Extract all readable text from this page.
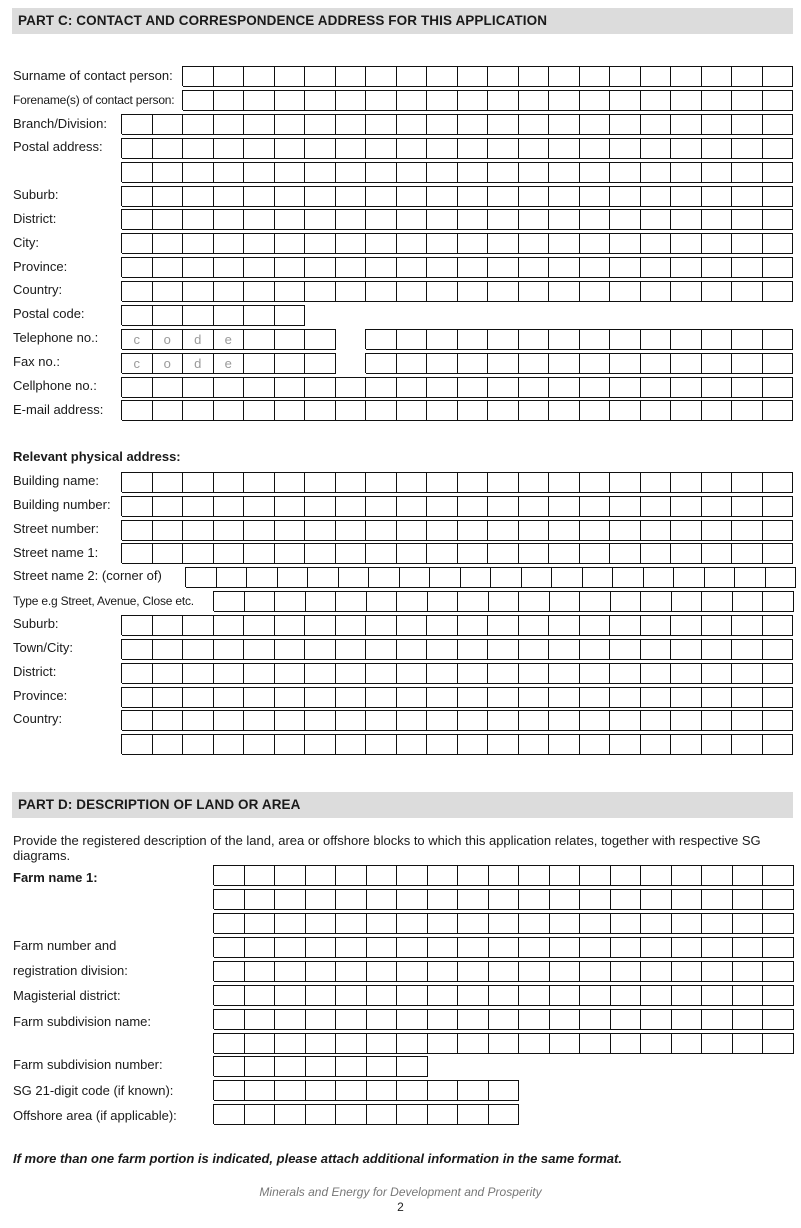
PART C: CONTACT AND CORRESPONDENCE ADDRESS FOR THIS APPLICATION
Surname of contact person:
Forename(s) of contact person:
Branch/Division:
Postal address:
Suburb:
District:
City:
Province:
Country:
Postal code:
Telephone no.:
Fax no.:
Cellphone no.:
E-mail address:
Relevant physical address:
Building name:
Building number:
Street number:
Street name 1:
Street name 2: (corner of)
Type e.g Street, Avenue, Close etc.
Suburb:
Town/City:
District:
Province:
Country:
PART D: DESCRIPTION OF LAND OR AREA
Provide the registered description of the land, area or offshore blocks to which this application relates, together with respective SG diagrams.
Farm name 1:
Farm number and
registration division:
Magisterial district:
Farm subdivision name:
Farm subdivision number:
SG 21-digit code (if known):
Offshore area (if applicable):
If more than one farm portion is indicated, please attach additional information in the same format.
Minerals and Energy for Development and Prosperity
2
c	o	d	e
c	o	d	e
